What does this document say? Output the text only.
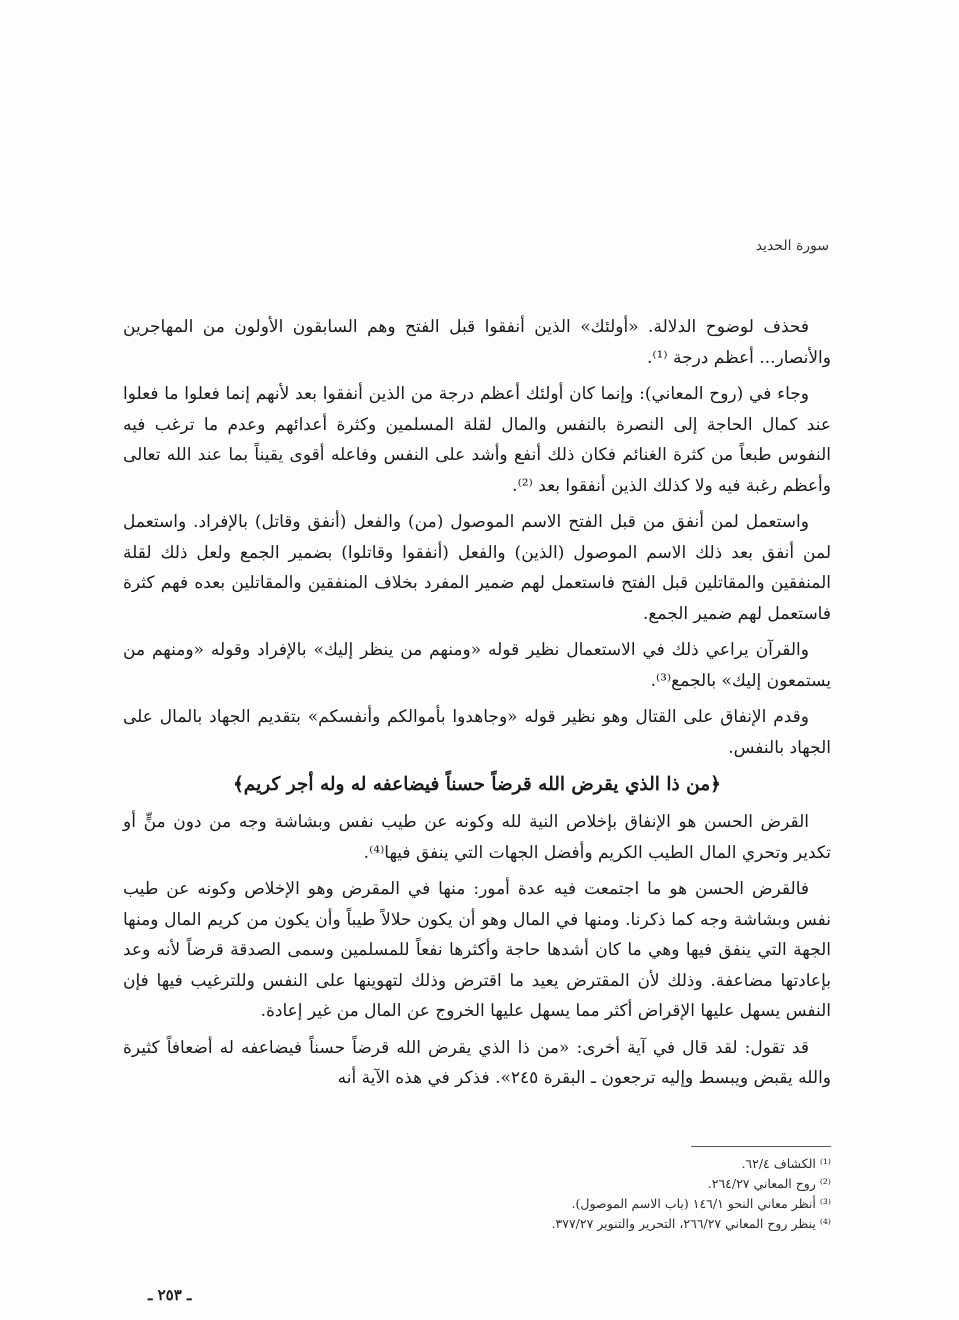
سورة الحديد

فحذف لوضوح الدلالة. «أولئك» الذين أنفقوا قبل الفتح وهم السابقون الأولون من المهاجرين والأنصار... أعظم درجة ⁽¹⁾.

وجاء في (روح المعاني): وإنما كان أولئك أعظم درجة من الذين أنفقوا بعد لأنهم إنما فعلوا ما فعلوا عند كمال الحاجة إلى النصرة بالنفس والمال لقلة المسلمين وكثرة أعدائهم وعدم ما ترغب فيه النفوس طبعاً من كثرة الغنائم فكان ذلك أنفع وأشد على النفس وفاعله أقوى يقيناً بما عند الله تعالى وأعظم رغبة فيه ولا كذلك الذين أنفقوا بعد ⁽²⁾.

واستعمل لمن أنفق من قبل الفتح الاسم الموصول (من) والفعل (أنفق وقاتل) بالإفراد. واستعمل لمن أنفق بعد ذلك الاسم الموصول (الذين) والفعل (أنفقوا وقاتلوا) بضمير الجمع ولعل ذلك لقلة المنفقين والمقاتلين قبل الفتح فاستعمل لهم ضمير المفرد بخلاف المنفقين والمقاتلين بعده فهم كثرة فاستعمل لهم ضمير الجمع.

والقرآن يراعي ذلك في الاستعمال نظير قوله «ومنهم من ينظر إليك» بالإفراد وقوله «ومنهم من يستمعون إليك» بالجمع⁽³⁾.

وقدم الإنفاق على القتال وهو نظير قوله «وجاهدوا بأموالكم وأنفسكم» بتقديم الجهاد بالمال على الجهاد بالنفس.

﴿من ذا الذي يقرض الله قرضاً حسناً فيضاعفه له وله أجر كريم﴾

القرض الحسن هو الإنفاق بإخلاص النية لله وكونه عن طيب نفس وبشاشة وجه من دون منٍّ أو تكدير وتحري المال الطيب الكريم وأفضل الجهات التي ينفق فيها⁽⁴⁾.

فالقرض الحسن هو ما اجتمعت فيه عدة أمور: منها في المقرض وهو الإخلاص وكونه عن طيب نفس وبشاشة وجه كما ذكرنا. ومنها في المال وهو أن يكون حلالاً طيباً وأن يكون من كريم المال ومنها الجهة التي ينفق فيها وهي ما كان أشدها حاجة وأكثرها نفعاً للمسلمين وسمى الصدقة قرضاً لأنه وعد بإعادتها مضاعفة. وذلك لأن المقترض يعيد ما اقترض وذلك لتهوينها على النفس وللترغيب فيها فإن النفس يسهل عليها الإقراض أكثر مما يسهل عليها الخروج عن المال من غير إعادة.

قد تقول: لقد قال في آية أخرى: «من ذا الذي يقرض الله قرضاً حسناً فيضاعفه له أضعافاً كثيرة والله يقبض ويبسط وإليه ترجعون ـ البقرة ٢٤٥». فذكر في هذه الآية أنه

⁽¹⁾ الكشاف ٦٢/٤.

⁽²⁾ روح المعاني ٢٦٤/٢٧.

⁽³⁾ أنظر معاني النحو ١٤٦/١ (باب الاسم الموصول).

⁽⁴⁾ ينظر روح المعاني ٢٦٦/٢٧، التحرير والتنوير ٣٧٧/٢٧.

ـ ٢٥٣ ـ
